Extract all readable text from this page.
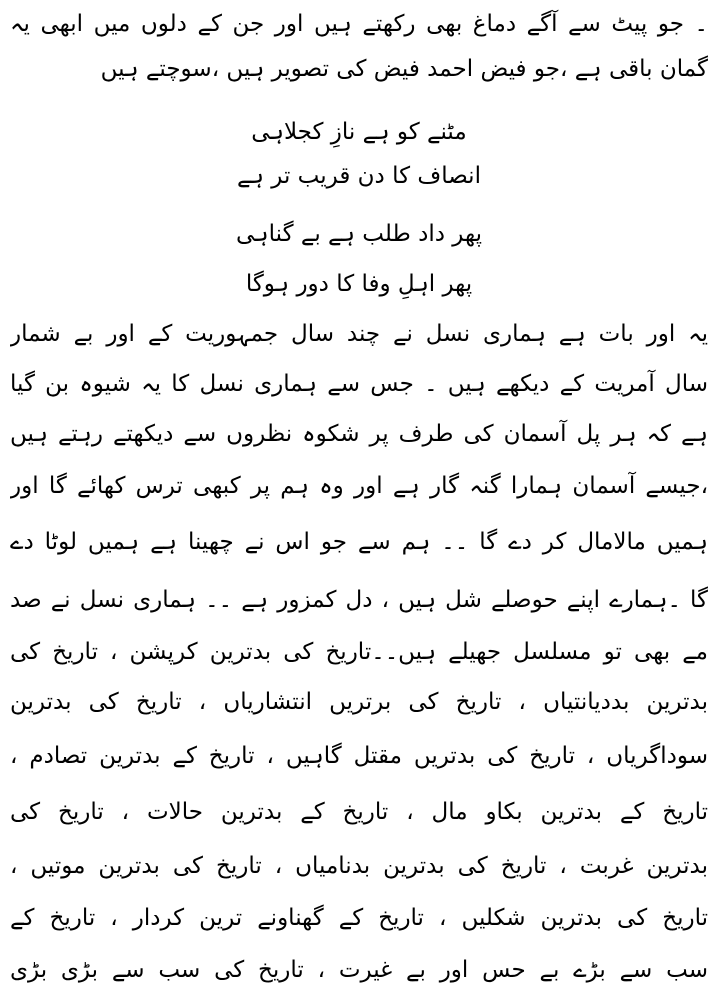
۔ جو پیٹ سے آگے دماغ بھی رکھتے ہیں اور جن کے دلوں میں ابھی یہ
گمان باقی ہے ،جو فیض احمد فیض کی تصویر ہیں ،سوچتے ہیں
مٹنے کو ہے نازِ کجلاہی
انصاف کا دن قریب تر ہے
پھر داد طلب ہے بے گناہی
پھر اہلِ وفا کا دور ہوگا
یہ اور بات ہے ہماری نسل نے چند سال جمہوریت کے اور بے شمار
سال آمریت کے دیکھے ہیں ۔ جس سے ہماری نسل کا یہ شیوہ بن گیا
ہے کہ ہر پل آسمان کی طرف پر شکوہ نظروں سے دیکھتے رہتے ہیں
،جیسے آسمان ہمارا گنہ گار ہے اور وہ ہم پر کبھی ترس کھائے گا اور
ہمیں مالامال کر دے گا ۔۔ ہم سے جو اس نے چھینا ہے ہمیں لوٹا دے
گا ۔ہمارے اپنے حوصلے شل ہیں ، دل کمزور ہے ۔۔ ہماری نسل نے صد
مے بھی تو مسلسل جھیلے ہیں۔۔تاریخ کی بدترین کرپشن ، تاریخ کی
بدترین بددیانتیاں ، تاریخ کی برتریں انتشاریاں ، تاریخ کی بدترین
سوداگریاں ، تاریخ کی بدتریں مقتل گاہیں ، تاریخ کے بدترین تصادم ،
تاریخ کے بدترین بکاو مال ، تاریخ کے بدترین حالات ، تاریخ کی
بدترین غربت ، تاریخ کی بدترین بدنامیاں ، تاریخ کی بدترین موتیں ،
تاریخ کی بدترین شکلیں ، تاریخ کے گھناونے ترین کردار ، تاریخ کے
سب سے بڑے بے حس اور بے غیرت ، تاریخ کی سب سے بڑی بڑی
